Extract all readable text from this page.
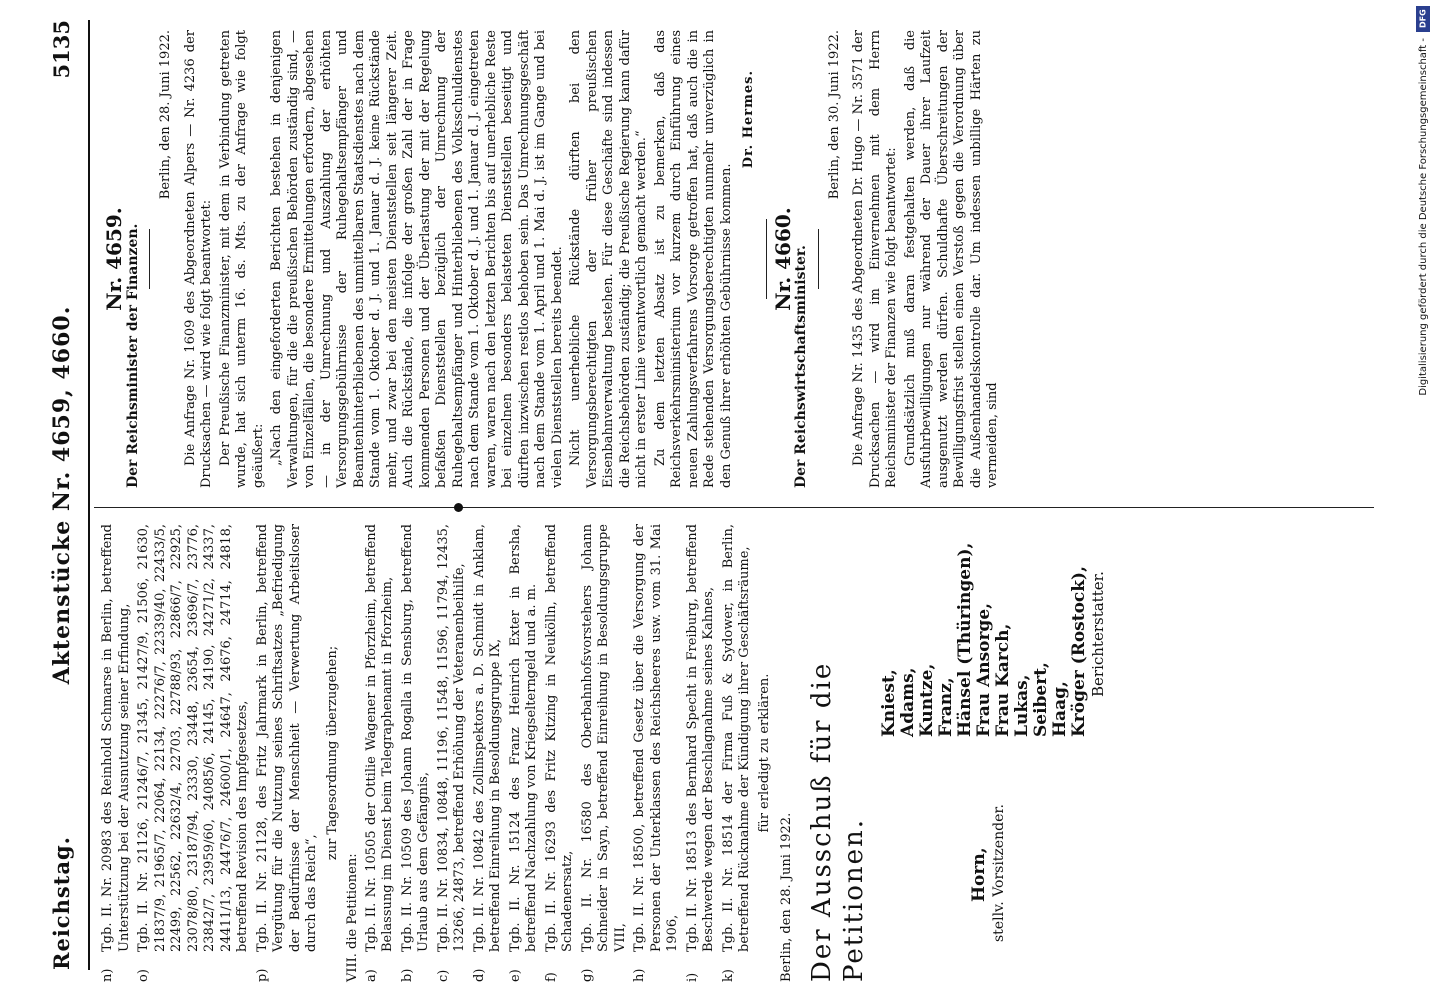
Reichstag.
Aktenstücke Nr. 4659, 4660.
5135
n)
Tgb. II. Nr. 20983 des Reinhold Schmarse in Berlin, betreffend Unterstützung bei der Ausnutzung seiner Erfindung,
o)
Tgb. II. Nr. 21126, 21246/7, 21345, 21427/9, 21506, 21630, 21837/9, 21965/7, 22064, 22134, 22276/7, 22339/40, 22433/5, 22499, 22562, 22632/4, 22703, 22788/93, 22866/7, 22925, 23078/80, 23187/94, 23330, 23448, 23654, 23696/7, 23776, 23842/7, 23959/60, 24085/6, 24145, 24190, 24271/2, 24337, 24411/13, 24476/7, 24600/1, 24647, 24676, 24714, 24818, betreffend Revision des Impfgesetzes,
p)
Tgb. II. Nr. 21128, des Fritz Jahrmark in Berlin, betreffend Vergütung für die Nutzung seines Schriftsatzes „Befriedigung der Bedürfnisse der Menschheit — Verwertung Arbeitsloser durch das Reich“,
zur Tagesordnung überzugehen;
VIII. die Petitionen: a)
Tgb. II. Nr. 10505 der Ottilie Wagener in Pforzheim, betreffend Belassung im Dienst beim Telegraphenamt in Pforzheim,
b)
Tgb. II. Nr. 10509 des Johann Rogalla in Sensburg, betreffend Urlaub aus dem Gefängnis,
c)
Tgb. II. Nr. 10834, 10848, 11196, 11548, 11596, 11794, 12435, 13266, 24873, betreffend Erhöhung der Veteranenbeihilfe,
d)
Tgb. II. Nr. 10842 des Zollinspektors a. D. Schmidt in Anklam, betreffend Einreihung in Besoldungsgruppe IX,
e)
Tgb. II. Nr. 15124 des Franz Heinrich Exter in Bersha, betreffend Nachzahlung von Kriegselterngeld und a. m.
f)
Tgb. II. Nr. 16293 des Fritz Kitzing in Neukölln, betreffend Schadenersatz,
g)
Tgb. II. Nr. 16580 des Oberbahnhofsvorstehers Johann Schneider in Sayn, betreffend Einreihung in Besoldungsgruppe VIII,
h)
Tgb. II. Nr. 18500, betreffend Gesetz über die Versorgung der Personen der Unterklassen des Reichsheeres usw. vom 31. Mai 1906,
i)
Tgb. II. Nr. 18513 des Bernhard Specht in Freiburg, betreffend Beschwerde wegen der Beschlagnahme seines Kahnes,
k)
Tgb. II. Nr. 18514 der Firma Fuß & Sydower, in Berlin, betreffend Rücknahme der Kündigung ihrer Geschäftsräume, für erledigt zu erklären.
Berlin, den 28. Juni 1922. Der Ausschuß für die Petitionen.	Horn, stellv. Vorsitzender.
Kniest, Adams, Kuntze, Franz, Hänsel (Thüringen), Frau Ansorge, Frau Karch, Lukas, Seibert, Haag, Kröger (Rostock), Berichterstatter.
Nr. 4659.
Der Reichsminister der Finanzen.
Berlin, den 28. Juni 1922. Die Anfrage Nr. 1609 des Abgeordneten Alpers — Nr. 4236 der Drucksachen — wird wie folgt beantwortet: Der Preußische Finanzminister, mit dem in Verbindung getreten wurde, hat sich unterm 16. ds. Mts. zu der Anfrage wie folgt geäußert: „Nach den eingeforderten Berichten bestehen in denjenigen Verwaltungen, für die die preußischen Behörden zuständig sind, — von Einzelfällen, die besondere Ermittelungen erfordern, abgesehen — in der Umrechnung und Auszahlung der erhöhten Versorgungsgebührnisse der Ruhegehaltsempfänger und Beamtenhinterbliebenen des unmittelbaren Staatsdienstes nach dem Stande vom 1. Oktober d. J. und 1. Januar d. J. keine Rückstände mehr, und zwar bei den meisten Dienststellen seit längerer Zeit. Auch die Rückstände, die infolge der großen Zahl der in Frage kommenden Personen und der Überlastung der mit der Regelung befaßten Dienststellen bezüglich der Umrechnung der Ruhegehaltsempfänger und Hinterbliebenen des Volksschuldienstes nach dem Stande vom 1. Oktober d. J. und 1. Januar d. J. eingetreten waren, waren nach den letzten Berichten bis auf unerhebliche Reste bei einzelnen besonders belasteten Dienststellen beseitigt und dürften inzwischen restlos behoben sein. Das Umrechnungsgeschäft nach dem Stande vom 1. April und 1. Mai d. J. ist im Gange und bei vielen Dienststellen bereits beendet. Nicht unerhebliche Rückstände dürften bei den Versorgungsberechtigten der früher preußischen Eisenbahnverwaltung bestehen. Für diese Geschäfte sind indessen die Reichsbehörden zuständig; die Preußische Regierung kann dafür nicht in erster Linie verantwortlich gemacht werden.“ Zu dem letzten Absatz ist zu bemerken, daß das Reichsverkehrsministerium vor kurzem durch Einführung eines neuen Zahlungsverfahrens Vorsorge getroffen hat, daß auch die in Rede stehenden Versorgungsberechtigten nunmehr unverzüglich in den Genuß ihrer erhöhten Gebührnisse kommen.
Dr. Hermes.
Nr. 4660.
Der Reichswirtschaftsminister.
Berlin, den 30. Juni 1922. Die Anfrage Nr. 1435 des Abgeordneten Dr. Hugo — Nr. 3571 der Drucksachen — wird im Einvernehmen mit dem Herrn Reichsminister der Finanzen wie folgt beantwortet: Grundsätzlich muß daran festgehalten werden, daß die Ausfuhrbewilligungen nur während der Dauer ihrer Laufzeit ausgenutzt werden dürfen. Schuldhafte Überschreitungen der Bewilligungsfrist stellen einen Verstoß gegen die Verordnung über die Außenhandelskontrolle dar. Um indessen unbillige Härten zu vermeiden, sind
DFG
Digitalisierung gefördert durch die Deutsche Forschungsgemeinschaft -
